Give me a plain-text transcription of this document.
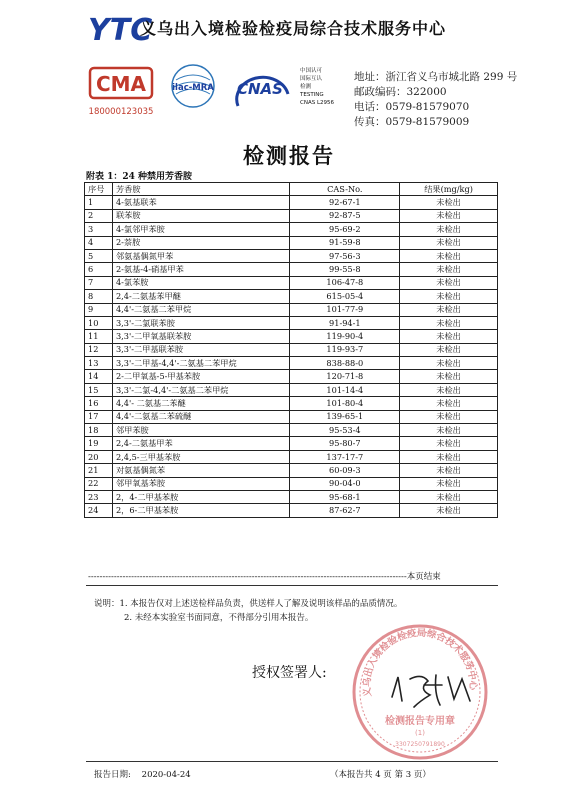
YTC
义乌出入境检验检疫局综合技术服务中心
CMA
180000123035
ilac-MRA CNAS
中国认可
国际互认
检测
TESTING
CNAS L2956
地址：浙江省义乌市城北路 299 号
邮政编码：322000
电话：0579-81579070
传真：0579-81579009
检测报告
附表 1：24 种禁用芳香胺
序号	芳香胺	CAS-No.	结果(mg/kg)
1	4-氨基联苯	92-67-1	未检出
2	联苯胺	92-87-5	未检出
3	4-氯邻甲苯胺	95-69-2	未检出
4	2-萘胺	91-59-8	未检出
5	邻氨基偶氮甲苯	97-56-3	未检出
6	2-氨基-4-硝基甲苯	99-55-8	未检出
7	4-氯苯胺	106-47-8	未检出
8	2,4-二氨基苯甲醚	615-05-4	未检出
9	4,4'-二氨基二苯甲烷	101-77-9	未检出
10	3,3'-二氯联苯胺	91-94-1	未检出
11	3,3'-二甲氧基联苯胺	119-90-4	未检出
12	3,3'-二甲基联苯胺	119-93-7	未检出
13	3,3'-二甲基-4,4'-二氨基二苯甲烷	838-88-0	未检出
14	2-二甲氧基-5-甲基苯胺	120-71-8	未检出
15	3,3'-二氯-4,4'-二氨基二苯甲烷	101-14-4	未检出
16	4,4'- 二氨基二苯醚	101-80-4	未检出
17	4,4'-二氨基二苯硫醚	139-65-1	未检出
18	邻甲苯胺	95-53-4	未检出
19	2,4-二氨基甲苯	95-80-7	未检出
20	2,4,5-三甲基苯胺	137-17-7	未检出
21	对氨基偶氮苯	60-09-3	未检出
22	邻甲氧基苯胺	90-04-0	未检出
23	2，4-二甲基苯胺	95-68-1	未检出
24	2，6-二甲基苯胺	87-62-7	未检出
---------------------------------------------------------------------------------------------------------------本页结束
说明：1. 本报告仅对上述送检样品负责，供送样人了解及说明该样品的品质情况。
2. 未经本实验室书面同意，不得部分引用本报告。
义乌出入境检验检疫局综合技术服务中心
检测报告专用章
(1)
3307250791890
授权签署人:
报告日期:    2020-04-24	（本报告共 4 页 第 3 页）
